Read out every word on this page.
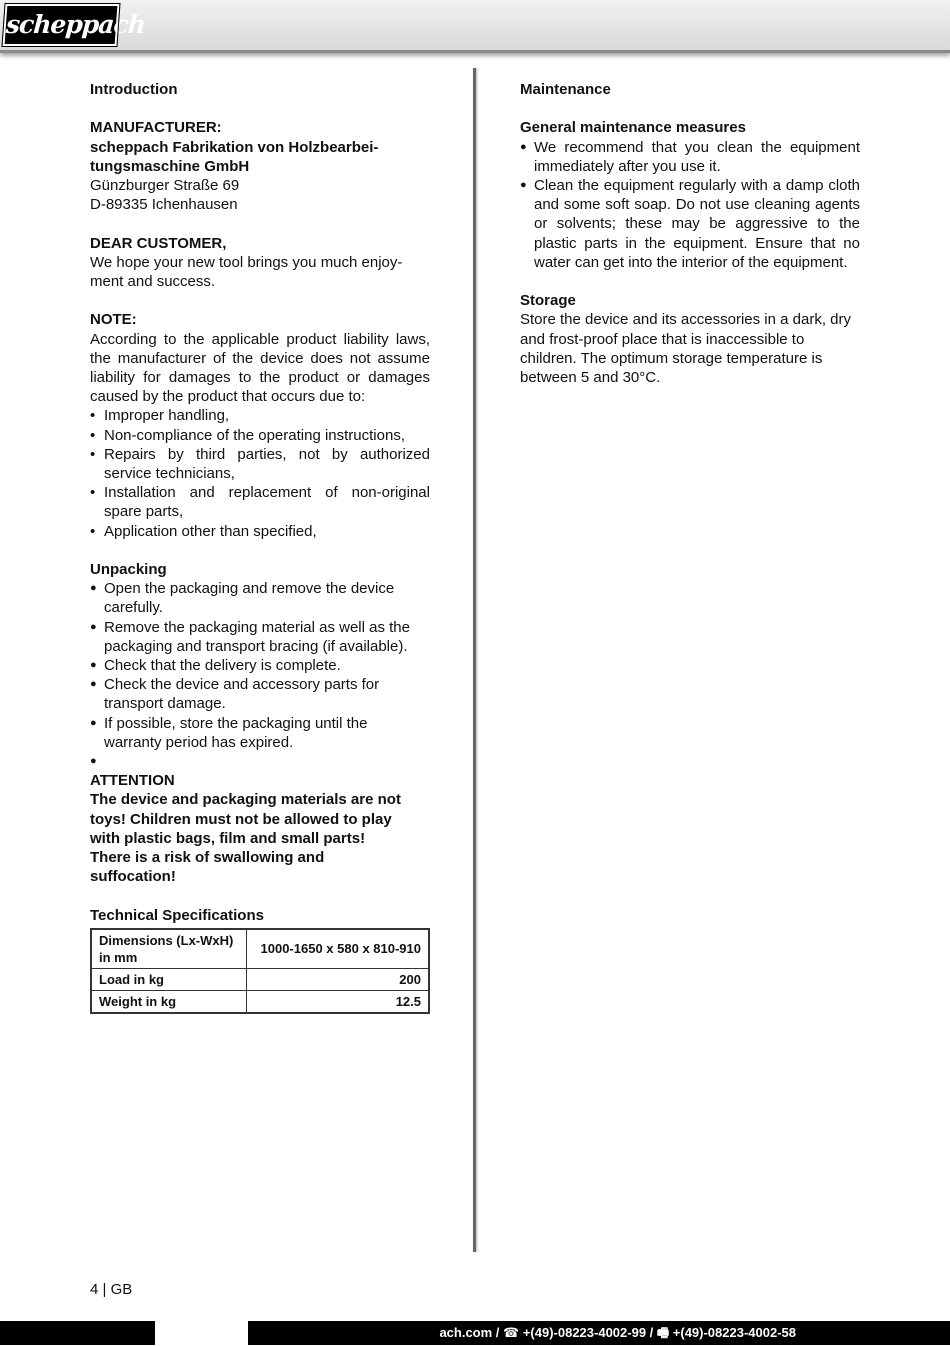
scheppach

Introduction

MANUFACTURER:

scheppach Fabrikation von Holzbearbei-

tungsmaschine GmbH

Günzburger Straße 69

D-89335 Ichenhausen

DEAR CUSTOMER,

We hope your new tool brings you much enjoy-

ment and success.

NOTE:

According to the applicable product liability laws, the manufacturer of the device does not assume liability for damages to the product or damages caused by the product that occurs due to:

• Improper handling,
• Non-compliance of the operating instructions,
• Repairs by third parties, not by authorized service technicians,
• Installation and replacement of non-original spare parts,
• Application other than specified,

Unpacking

● Open the packaging and remove the device carefully.
● Remove the packaging material as well as the packaging and transport bracing (if available).
● Check that the delivery is complete.
● Check the device and accessory parts for transport damage.
● If possible, store the packaging until the warranty period has expired.
●

ATTENTION

The device and packaging materials are not toys! Children must not be allowed to play with plastic bags, film and small parts! There is a risk of swallowing and suffocation!

Technical Specifications

Dimensions (Lx-WxH) in mm	1000-1650 x 580 x 810-910
Load in kg	200
Weight in kg	12.5

Maintenance

General maintenance measures

● We recommend that you clean the equipment immediately after you use it.
● Clean the equipment regularly with a damp cloth and some soft soap. Do not use cleaning agents or solvents; these may be aggressive to the plastic parts in the equipment. Ensure that no water can get into the interior of the equipment.

Storage

Store the device and its accessories in a dark, dry and frost-proof place that is inaccessible to children. The optimum storage temperature is between 5 and 30°C.

4 | GB
ach.com / ☎ +(49)-08223-4002-99 / 🖷 +(49)-08223-4002-58
